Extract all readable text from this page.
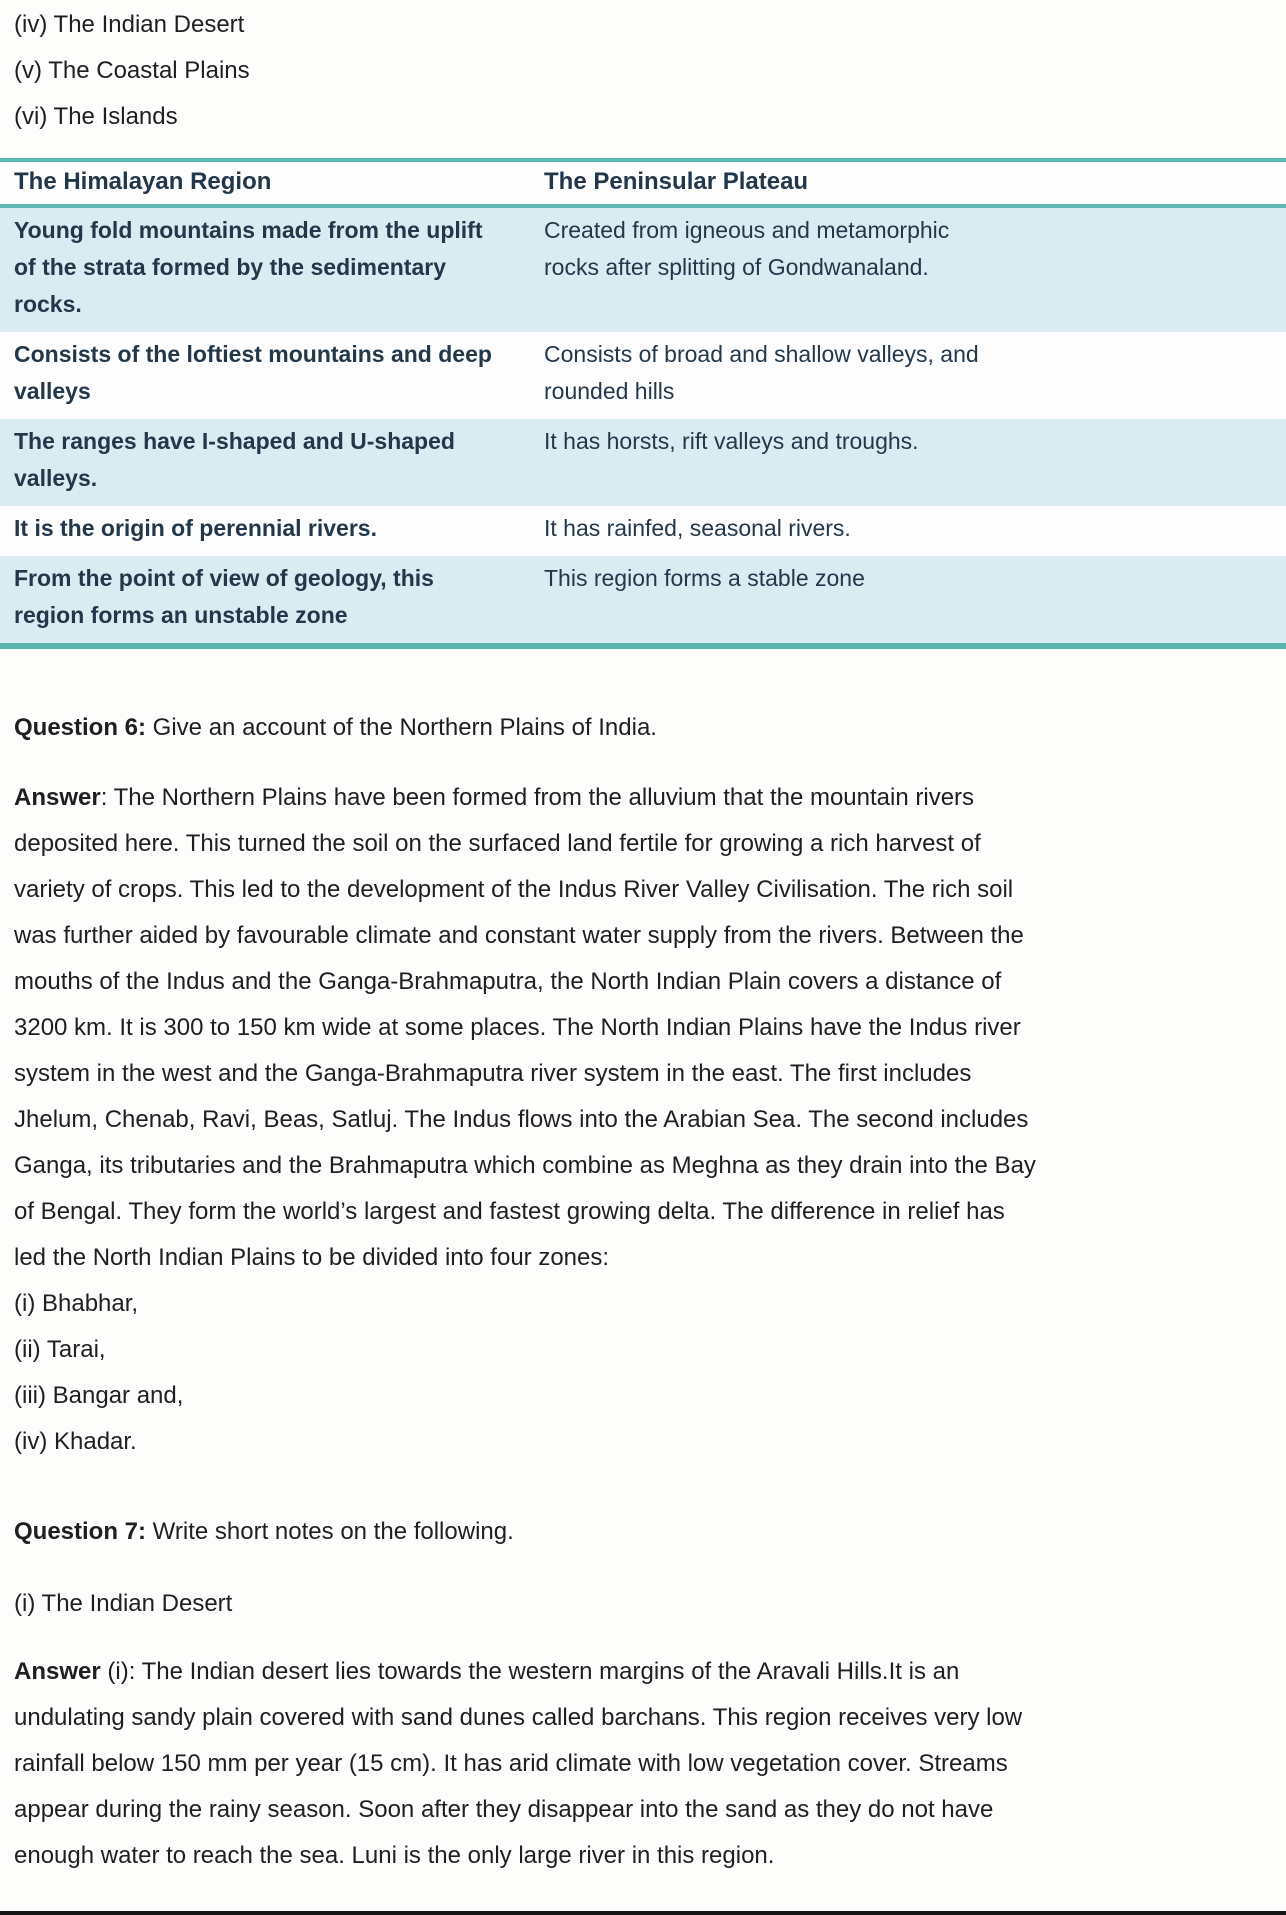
(iv) The Indian Desert
(v) The Coastal Plains
(vi) The Islands
The Himalayan Region	The Peninsular Plateau
Young fold mountains made from the uplift of the strata formed by the sedimentary rocks.	Created from igneous and metamorphic rocks after splitting of Gondwanaland.
Consists of the loftiest mountains and deep valleys	Consists of broad and shallow valleys, and rounded hills
The ranges have I-shaped and U-shaped valleys.	It has horsts, rift valleys and troughs.
It is the origin of perennial rivers.	It has rainfed, seasonal rivers.
From the point of view of geology, this region forms an unstable zone	This region forms a stable zone

Question 6: Give an account of the Northern Plains of India.

Answer: The Northern Plains have been formed from the alluvium that the mountain rivers deposited here. This turned the soil on the surfaced land fertile for growing a rich harvest of variety of crops. This led to the development of the Indus River Valley Civilisation. The rich soil was further aided by favourable climate and constant water supply from the rivers. Between the mouths of the Indus and the Ganga-Brahmaputra, the North Indian Plain covers a distance of 3200 km. It is 300 to 150 km wide at some places. The North Indian Plains have the Indus river system in the west and the Ganga-Brahmaputra river system in the east. The first includes Jhelum, Chenab, Ravi, Beas, Satluj. The Indus flows into the Arabian Sea. The second includes Ganga, its tributaries and the Brahmaputra which combine as Meghna as they drain into the Bay of Bengal. They form the world’s largest and fastest growing delta. The difference in relief has led the North Indian Plains to be divided into four zones:

(i) Bhabhar,
(ii) Tarai,
(iii) Bangar and,
(iv) Khadar.

Question 7: Write short notes on the following.

(i) The Indian Desert

Answer (i): The Indian desert lies towards the western margins of the Aravali Hills.It is an undulating sandy plain covered with sand dunes called barchans. This region receives very low rainfall below 150 mm per year (15 cm). It has arid climate with low vegetation cover. Streams appear during the rainy season. Soon after they disappear into the sand as they do not have enough water to reach the sea. Luni is the only large river in this region.
